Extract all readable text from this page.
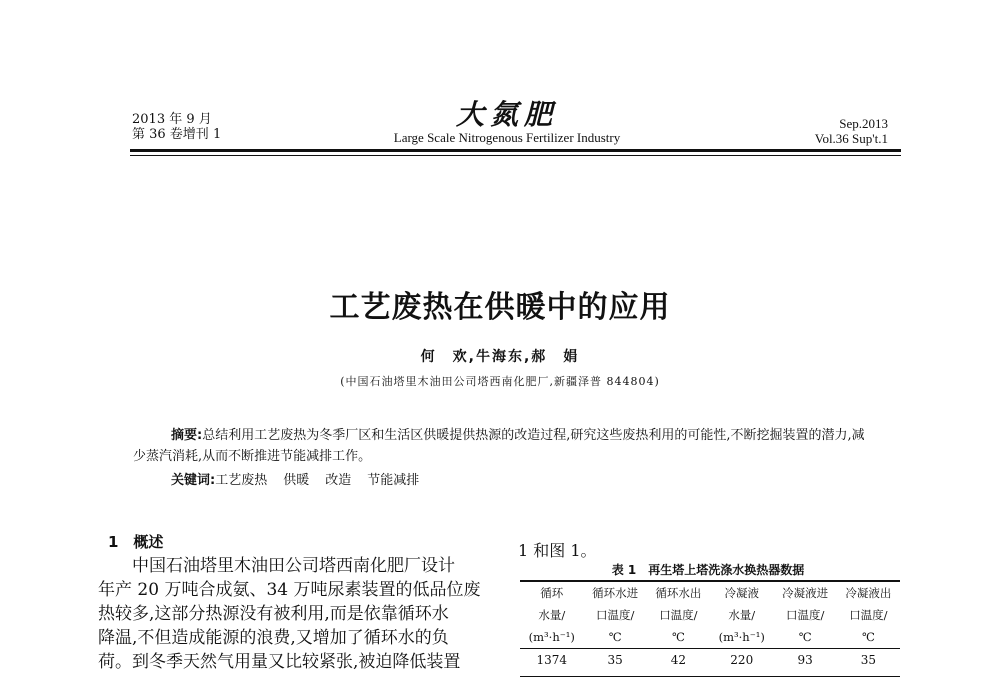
2013 年 9 月
第 36 卷增刊 1
大氮肥
Large Scale Nitrogenous Fertilizer Industry
Sep.2013
Vol.36 Sup't.1
工艺废热在供暖中的应用
何　欢,牛海东,郝　娟
(中国石油塔里木油田公司塔西南化肥厂,新疆泽普 844804)
摘要:总结利用工艺废热为冬季厂区和生活区供暖提供热源的改造过程,研究这些废热利用的可能性,不断挖掘装置的潜力,减少蒸汽消耗,从而不断推进节能减排工作。
关键词:工艺废热 供暖 改造 节能减排
1　概述
中国石油塔里木油田公司塔西南化肥厂设计
年产 20 万吨合成氨、34 万吨尿素装置的低品位废
热较多,这部分热源没有被利用,而是依靠循环水
降温,不但造成能源的浪费,又增加了循环水的负
荷。到冬季天然气用量又比较紧张,被迫降低装置
1 和图 1。
表 1　再生塔上塔洗涤水换热器数据
循环	循环水进	循环水出	冷凝液	冷凝液进	冷凝液出
水量/	口温度/	口温度/	水量/	口温度/	口温度/
(m³·h⁻¹)	℃	℃	(m³·h⁻¹)	℃	℃
1374	35	42	220	93	35
